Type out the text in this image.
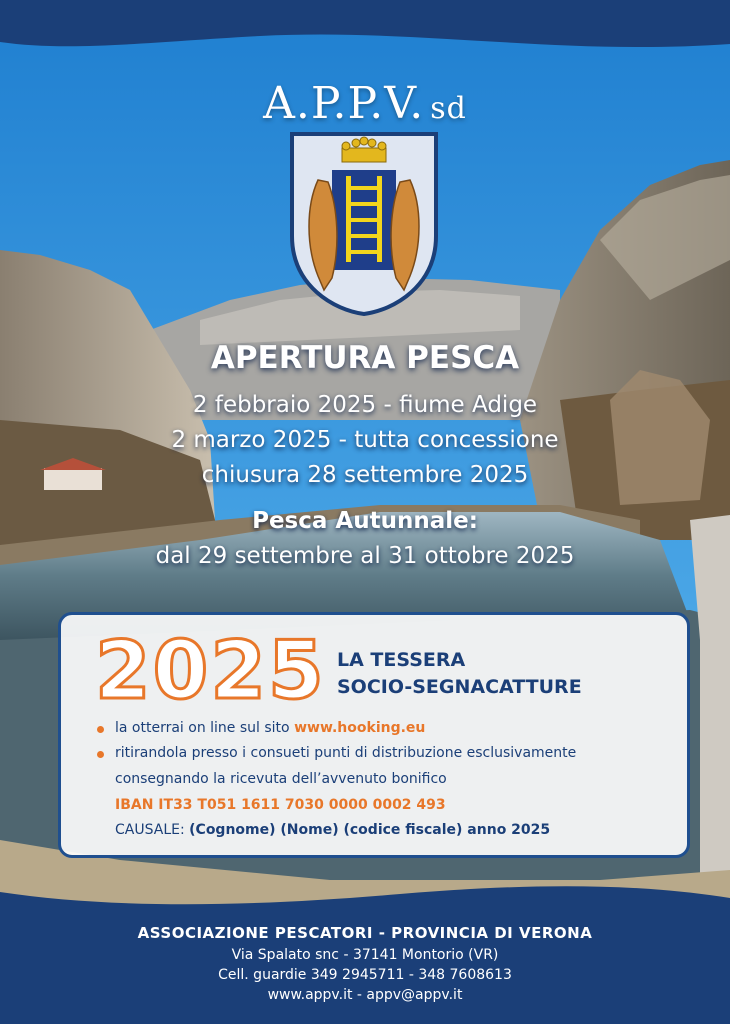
A.P.P.V. sd
APERTURA PESCA
2 febbraio 2025 - fiume Adige
2 marzo 2025 - tutta concessione
chiusura 28 settembre 2025
Pesca Autunnale:
dal 29 settembre al 31 ottobre 2025
2025 LA TESSERA
SOCIO-SEGNACATTURE
la otterrai on line sul sito www.hooking.eu
ritirandola presso i consueti punti di distribuzione esclusivamente
consegnando la ricevuta dell’avvenuto bonifico
IBAN IT33 T051 1611 7030 0000 0002 493
CAUSALE: (Cognome) (Nome) (codice fiscale) anno 2025
ASSOCIAZIONE PESCATORI - PROVINCIA DI VERONA
Via Spalato snc - 37141 Montorio (VR)
Cell. guardie 349 2945711 - 348 7608613
www.appv.it - appv@appv.it
